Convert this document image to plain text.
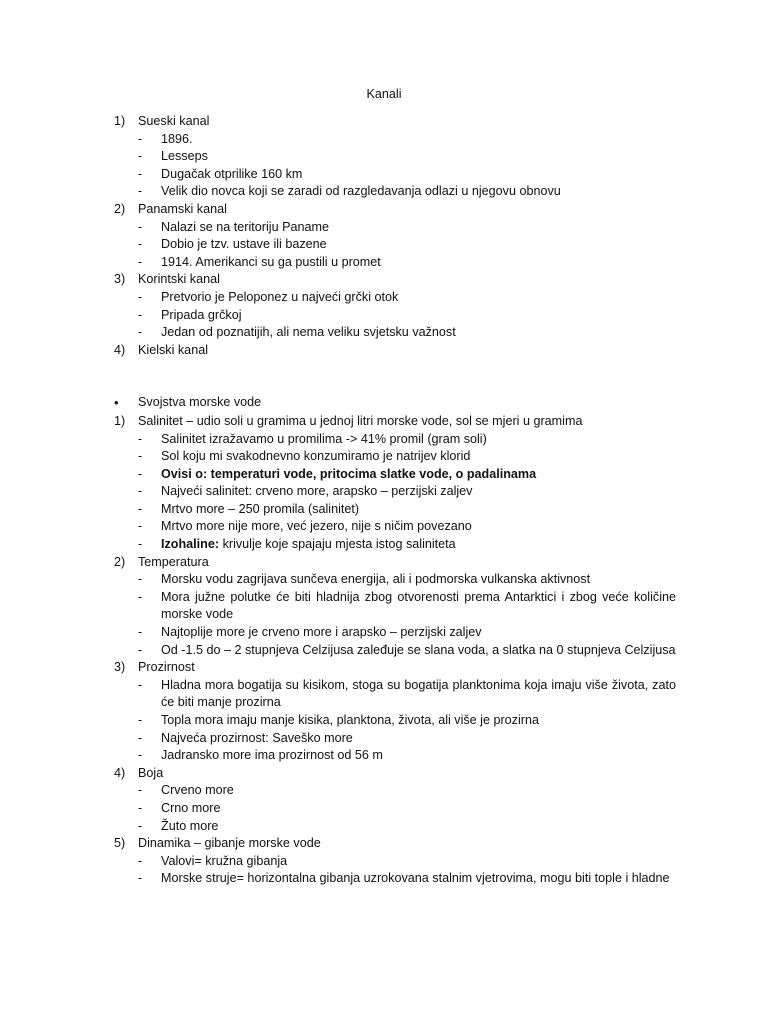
Kanali
1)	Sueski kanal
-	1896.
-	Lesseps
-	Dugačak otprilike 160 km
-	Velik dio novca koji se zaradi od razgledavanja odlazi u njegovu obnovu
2)	Panamski kanal
-	Nalazi se na teritoriju Paname
-	Dobio je tzv. ustave ili bazene
-	1914. Amerikanci su ga pustili u promet
3)	Korintski kanal
-	Pretvorio je Peloponez u najveći grčki otok
-	Pripada grčkoj
-	Jedan od poznatijih, ali nema veliku svjetsku važnost
4)	Kielski kanal
•
Svojstva morske vode
1)	Salinitet – udio soli u gramima u jednoj litri morske vode, sol se mjeri u gramima
-	Salinitet izražavamo u promilima -> 41% promil (gram soli)
-	Sol koju mi svakodnevno konzumiramo je natrijev klorid
-	Ovisi o: temperaturi vode, pritocima slatke vode, o padalinama
-	Najveći salinitet: crveno more, arapsko – perzijski zaljev
-	Mrtvo more – 250 promila (salinitet)
-	Mrtvo more nije more, već jezero, nije s ničim povezano
-	Izohaline: krivulje koje spajaju mjesta istog saliniteta
2)	Temperatura
-	Morsku vodu zagrijava sunčeva energija, ali i podmorska vulkanska aktivnost
-	Mora južne polutke će biti hladnija zbog otvorenosti prema Antarktici i zbog veće količine morske vode
-	Najtoplije more je crveno more i arapsko – perzijski zaljev
-	Od -1.5 do – 2 stupnjeva Celzijusa zaleđuje se slana voda, a slatka na 0 stupnjeva Celzijusa
3)	Prozirnost
-	Hladna mora bogatija su kisikom, stoga su bogatija planktonima koja imaju više života, zato će biti manje prozirna
-	Topla mora imaju manje kisika, planktona, života, ali više je prozirna
-	Najveća prozirnost: Saveško more
-	Jadransko more ima prozirnost od 56 m
4)	Boja
-	Crveno more
-	Crno more
-	Žuto more
5)	Dinamika – gibanje morske vode
-	Valovi= kružna gibanja
-	Morske struje= horizontalna gibanja uzrokovana stalnim vjetrovima, mogu biti tople i hladne
